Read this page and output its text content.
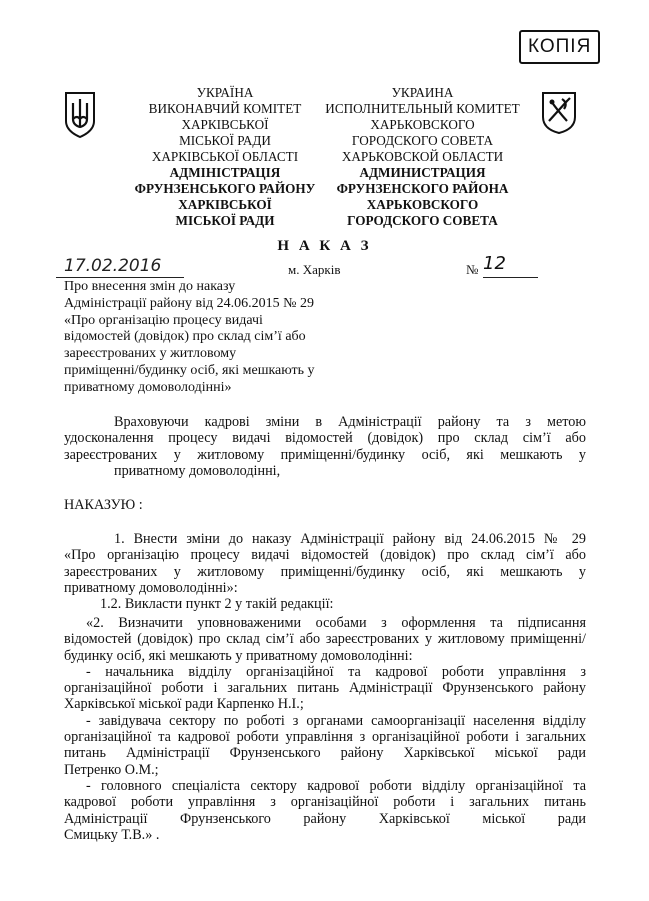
КОПІЯ
УКРАЇНА
ВИКОНАВЧИЙ КОМІТЕТ
ХАРКІВСЬКОЇ
МІСЬКОЇ РАДИ
ХАРКІВСЬКОЇ ОБЛАСТІ
АДМІНІСТРАЦІЯ
ФРУНЗЕНСЬКОГО РАЙОНУ
ХАРКІВСЬКОЇ
МІСЬКОЇ РАДИ
УКРАИНА
ИСПОЛНИТЕЛЬНЫЙ КОМИТЕТ
ХАРЬКОВСКОГО
ГОРОДСКОГО СОВЕТА
ХАРЬКОВСКОЙ ОБЛАСТИ
АДМИНИСТРАЦИЯ
ФРУНЗЕНСКОГО РАЙОНА
ХАРЬКОВСКОГО
ГОРОДСКОГО СОВЕТА
Н А К А З
17.02.2016	м. Харків	№ 12
Про внесення змін до наказу
Адміністрації району від 24.06.2015 № 29
«Про організацію процесу видачі
відомостей (довідок) про склад сім’ї або
зареєстрованих у житловому
приміщенні/будинку осіб, які мешкають у
приватному домоволодінні»
Враховуючи кадрові зміни в Адміністрації району та з метою
удосконалення процесу видачі відомостей (довідок) про склад сім’ї або
зареєстрованих у житловому приміщенні/будинку осіб, які мешкають у
приватному домоволодінні,
НАКАЗУЮ :
1. Внести зміни до наказу Адміністрації району від 24.06.2015 № 29
«Про організацію процесу видачі відомостей (довідок) про склад сім’ї або
зареєстрованих у житловому приміщенні/будинку осіб, які мешкають у
приватному домоволодінні»:
1.2. Викласти пункт 2 у такій редакції:
«2. Визначити уповноваженими особами з оформлення та підписання
відомостей (довідок) про склад сім’ї або зареєстрованих у житловому приміщенні/
будинку осіб, які мешкають у приватному домоволодінні:
- начальника відділу організаційної та кадрової роботи управління з
організаційної роботи і загальних питань Адміністрації Фрунзенського району
Харківської міської ради Карпенко Н.І.;
- завідувача сектору по роботі з органами самоорганізації населення відділу
організаційної та кадрової роботи управління з організаційної роботи і загальних
питань Адміністрації Фрунзенського району Харківської міської ради
Петренко О.М.;
- головного спеціаліста сектору кадрової роботи відділу організаційної та
кадрової роботи управління з організаційної роботи і загальних питань
Адміністрації Фрунзенського району Харківської міської ради
Смицьку Т.В.» .
